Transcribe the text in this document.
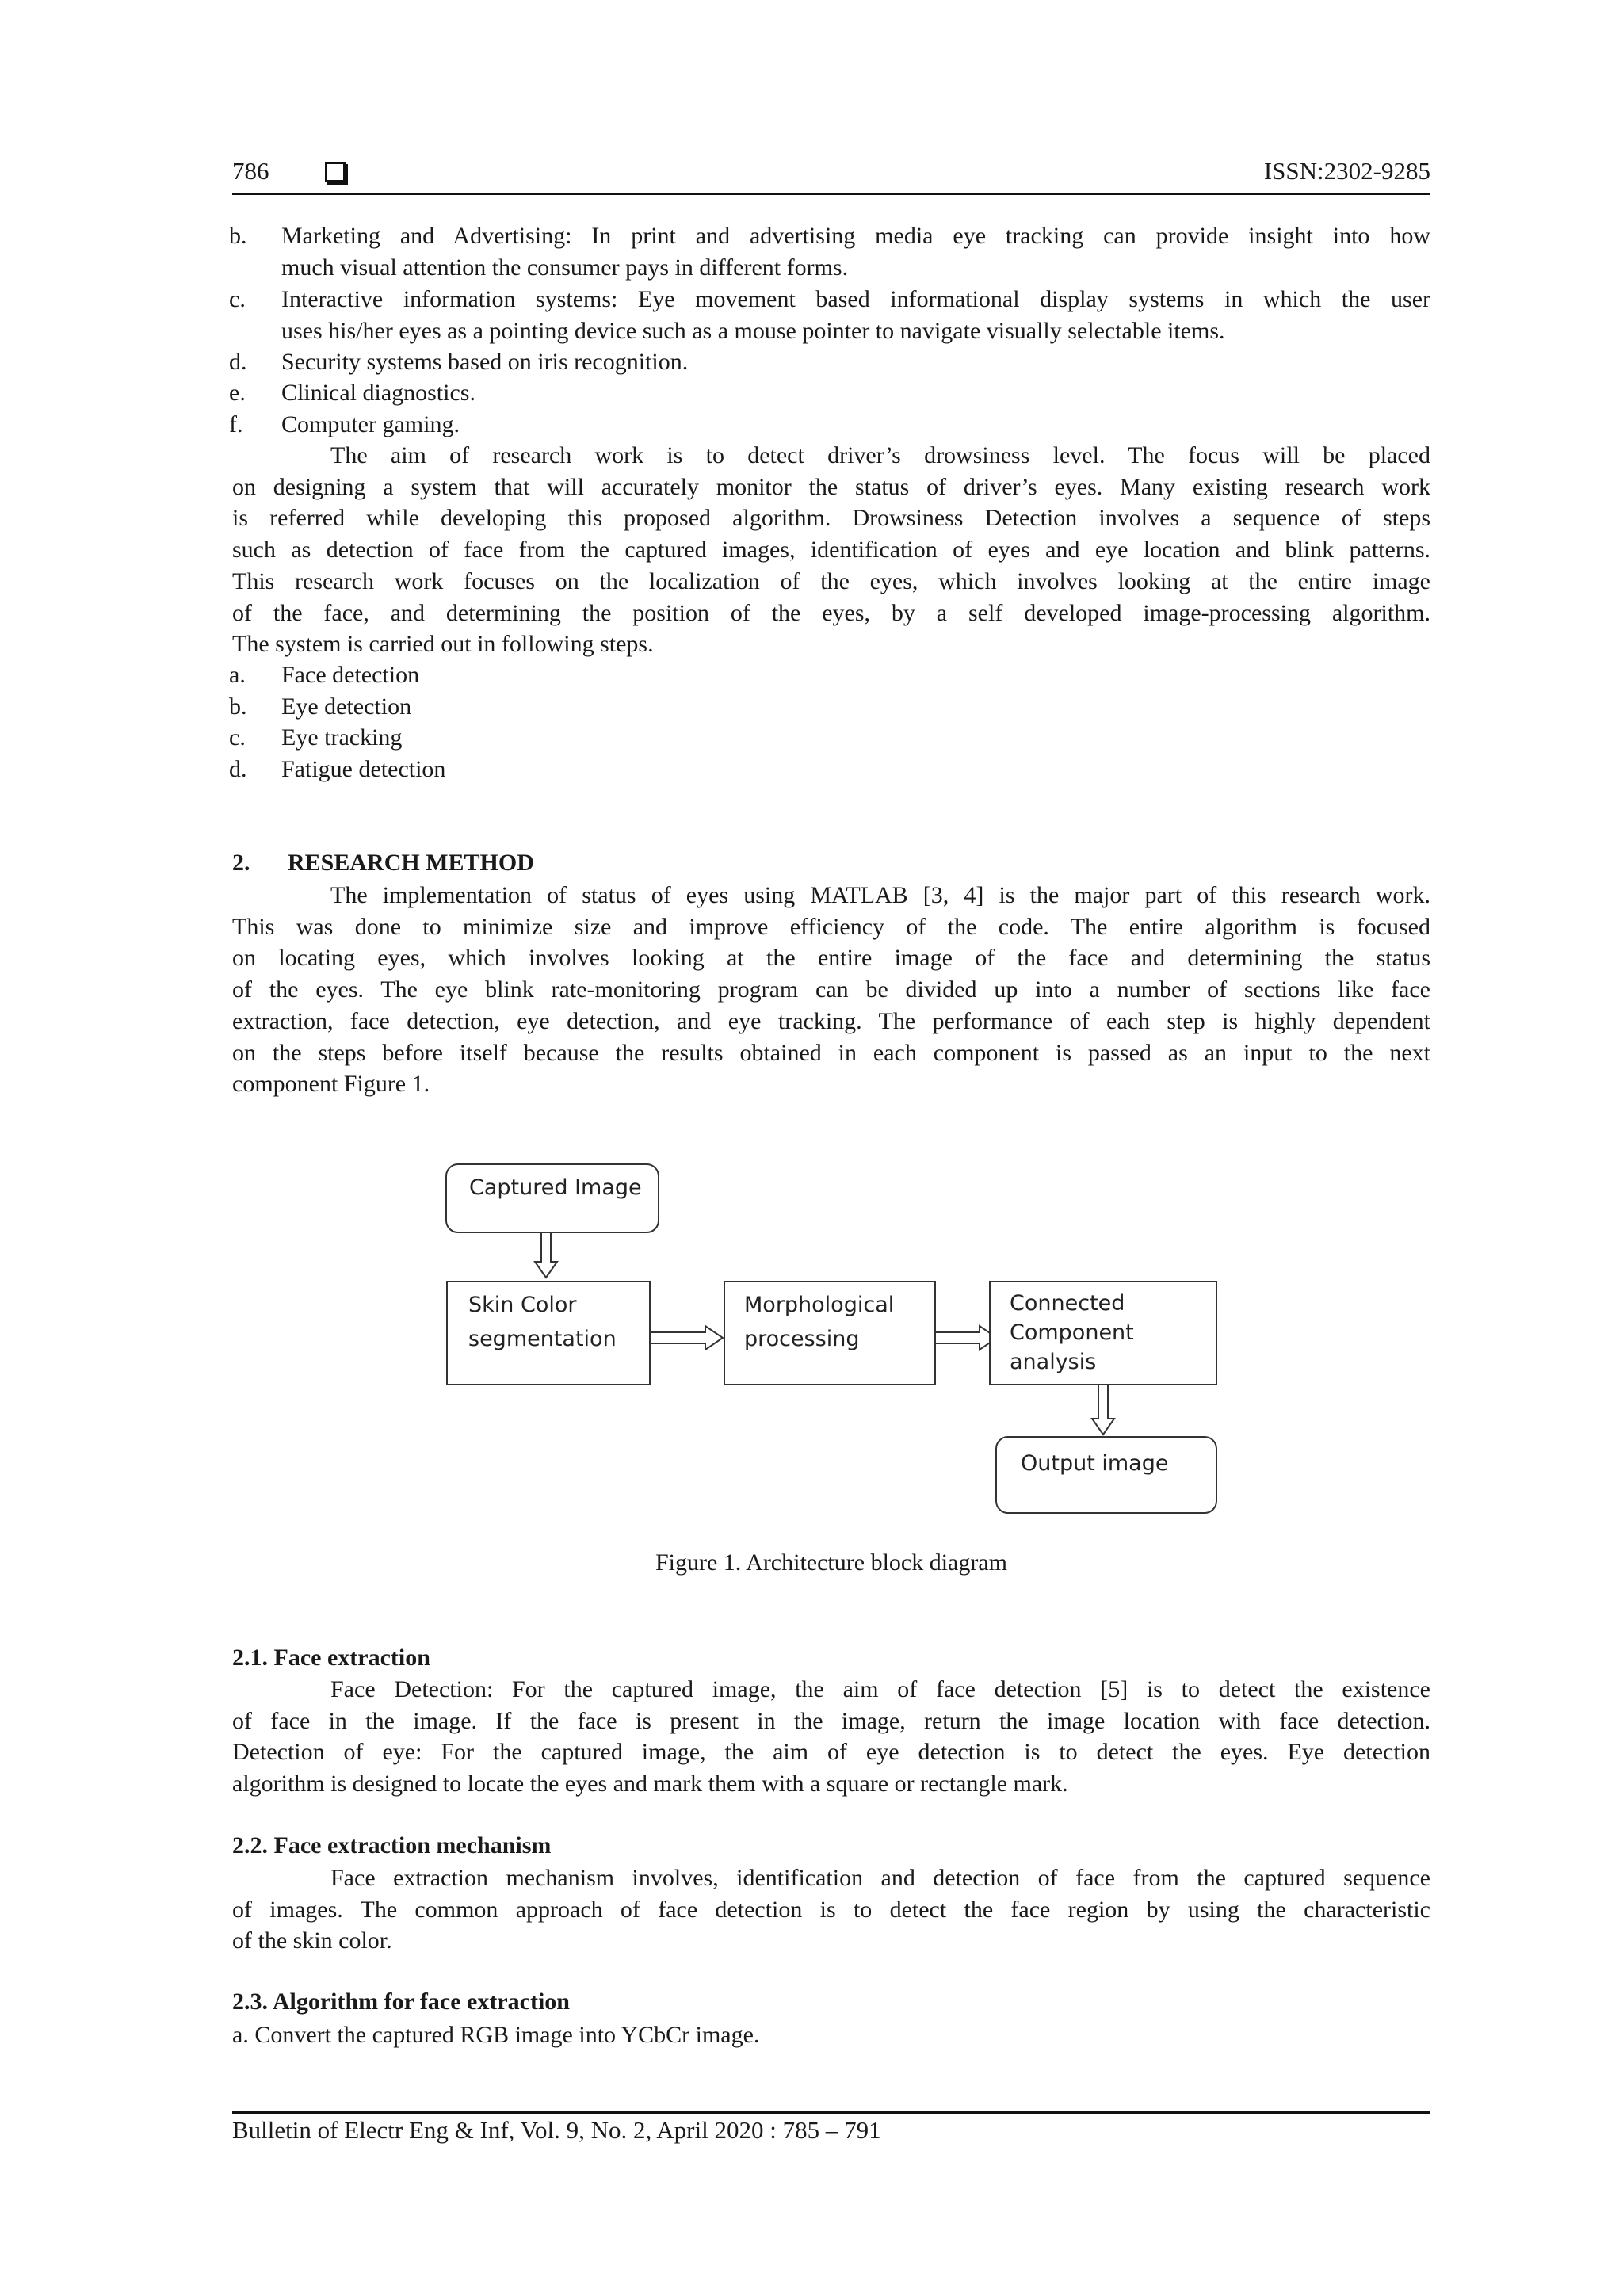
786	ISSN:2302-9285
b. Marketing and Advertising: In print and advertising media eye tracking can provide insight into how
much visual attention the consumer pays in different forms.
c. Interactive information systems: Eye movement based informational display systems in which the user
uses his/her eyes as a pointing device such as a mouse pointer to navigate visually selectable items.
d. Security systems based on iris recognition.
e. Clinical diagnostics.
f. Computer gaming.
The aim of research work is to detect driver’s drowsiness level. The focus will be placed
on designing a system that will accurately monitor the status of driver’s eyes. Many existing research work
is referred while developing this proposed algorithm. Drowsiness Detection involves a sequence of steps
such as detection of face from the captured images, identification of eyes and eye location and blink patterns.
This research work focuses on the localization of the eyes, which involves looking at the entire image
of the face, and determining the position of the eyes, by a self developed image-processing algorithm.
The system is carried out in following steps.
a. Face detection
b. Eye detection
c. Eye tracking
d. Fatigue detection
2. RESEARCH METHOD
The implementation of status of eyes using MATLAB [3, 4] is the major part of this research work.
This was done to minimize size and improve efficiency of the code. The entire algorithm is focused
on locating eyes, which involves looking at the entire image of the face and determining the status
of the eyes. The eye blink rate-monitoring program can be divided up into a number of sections like face
extraction, face detection, eye detection, and eye tracking. The performance of each step is highly dependent
on the steps before itself because the results obtained in each component is passed as an input to the next
component Figure 1.
Captured Image
Skin Color
segmentation
Morphological
processing
Connected
Component
analysis
Output image
Figure 1. Architecture block diagram
2.1. Face extraction
Face Detection: For the captured image, the aim of face detection [5] is to detect the existence
of face in the image. If the face is present in the image, return the image location with face detection.
Detection of eye: For the captured image, the aim of eye detection is to detect the eyes. Eye detection
algorithm is designed to locate the eyes and mark them with a square or rectangle mark.
2.2. Face extraction mechanism
Face extraction mechanism involves, identification and detection of face from the captured sequence
of images. The common approach of face detection is to detect the face region by using the characteristic
of the skin color.
2.3. Algorithm for face extraction
a. Convert the captured RGB image into YCbCr image.
Bulletin of Electr Eng & Inf, Vol. 9, No. 2, April 2020 : 785 – 791
